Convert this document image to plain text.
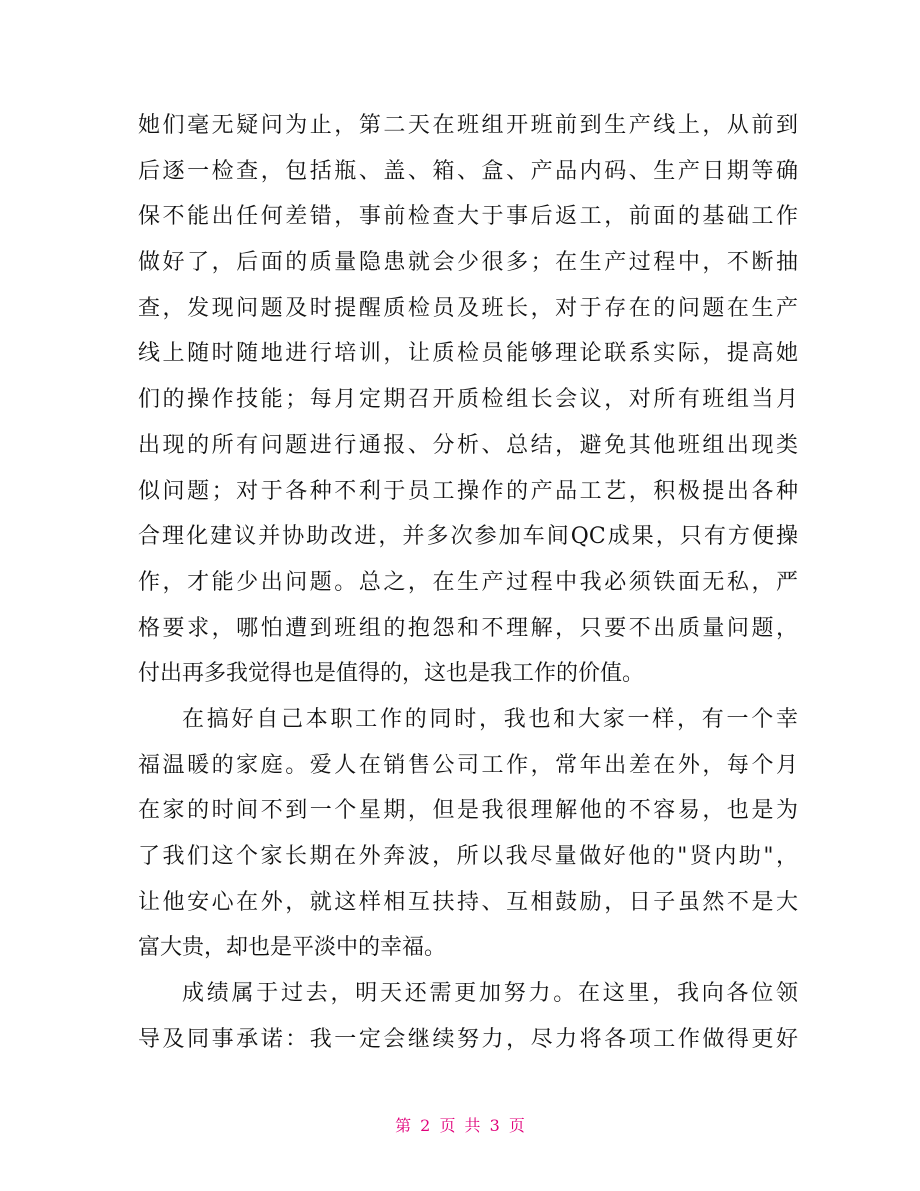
她们毫无疑问为止，第二天在班组开班前到生产线上，从前到
后逐一检查，包括瓶、盖、箱、盒、产品内码、生产日期等确
保不能出任何差错，事前检查大于事后返工，前面的基础工作
做好了，后面的质量隐患就会少很多；在生产过程中，不断抽
查，发现问题及时提醒质检员及班长，对于存在的问题在生产
线上随时随地进行培训，让质检员能够理论联系实际，提高她
们的操作技能；每月定期召开质检组长会议，对所有班组当月
出现的所有问题进行通报、分析、总结，避免其他班组出现类
似问题；对于各种不利于员工操作的产品工艺，积极提出各种
合理化建议并协助改进，并多次参加车间QC成果，只有方便操
作，才能少出问题。总之，在生产过程中我必须铁面无私，严
格要求，哪怕遭到班组的抱怨和不理解，只要不出质量问题，
付出再多我觉得也是值得的，这也是我工作的价值。
在搞好自己本职工作的同时，我也和大家一样，有一个幸
福温暖的家庭。爱人在销售公司工作，常年出差在外，每个月
在家的时间不到一个星期，但是我很理解他的不容易，也是为
了我们这个家长期在外奔波，所以我尽量做好他的"贤内助"，
让他安心在外，就这样相互扶持、互相鼓励，日子虽然不是大
富大贵，却也是平淡中的幸福。
成绩属于过去，明天还需更加努力。在这里，我向各位领
导及同事承诺：我一定会继续努力，尽力将各项工作做得更好
第 2 页 共 3 页
